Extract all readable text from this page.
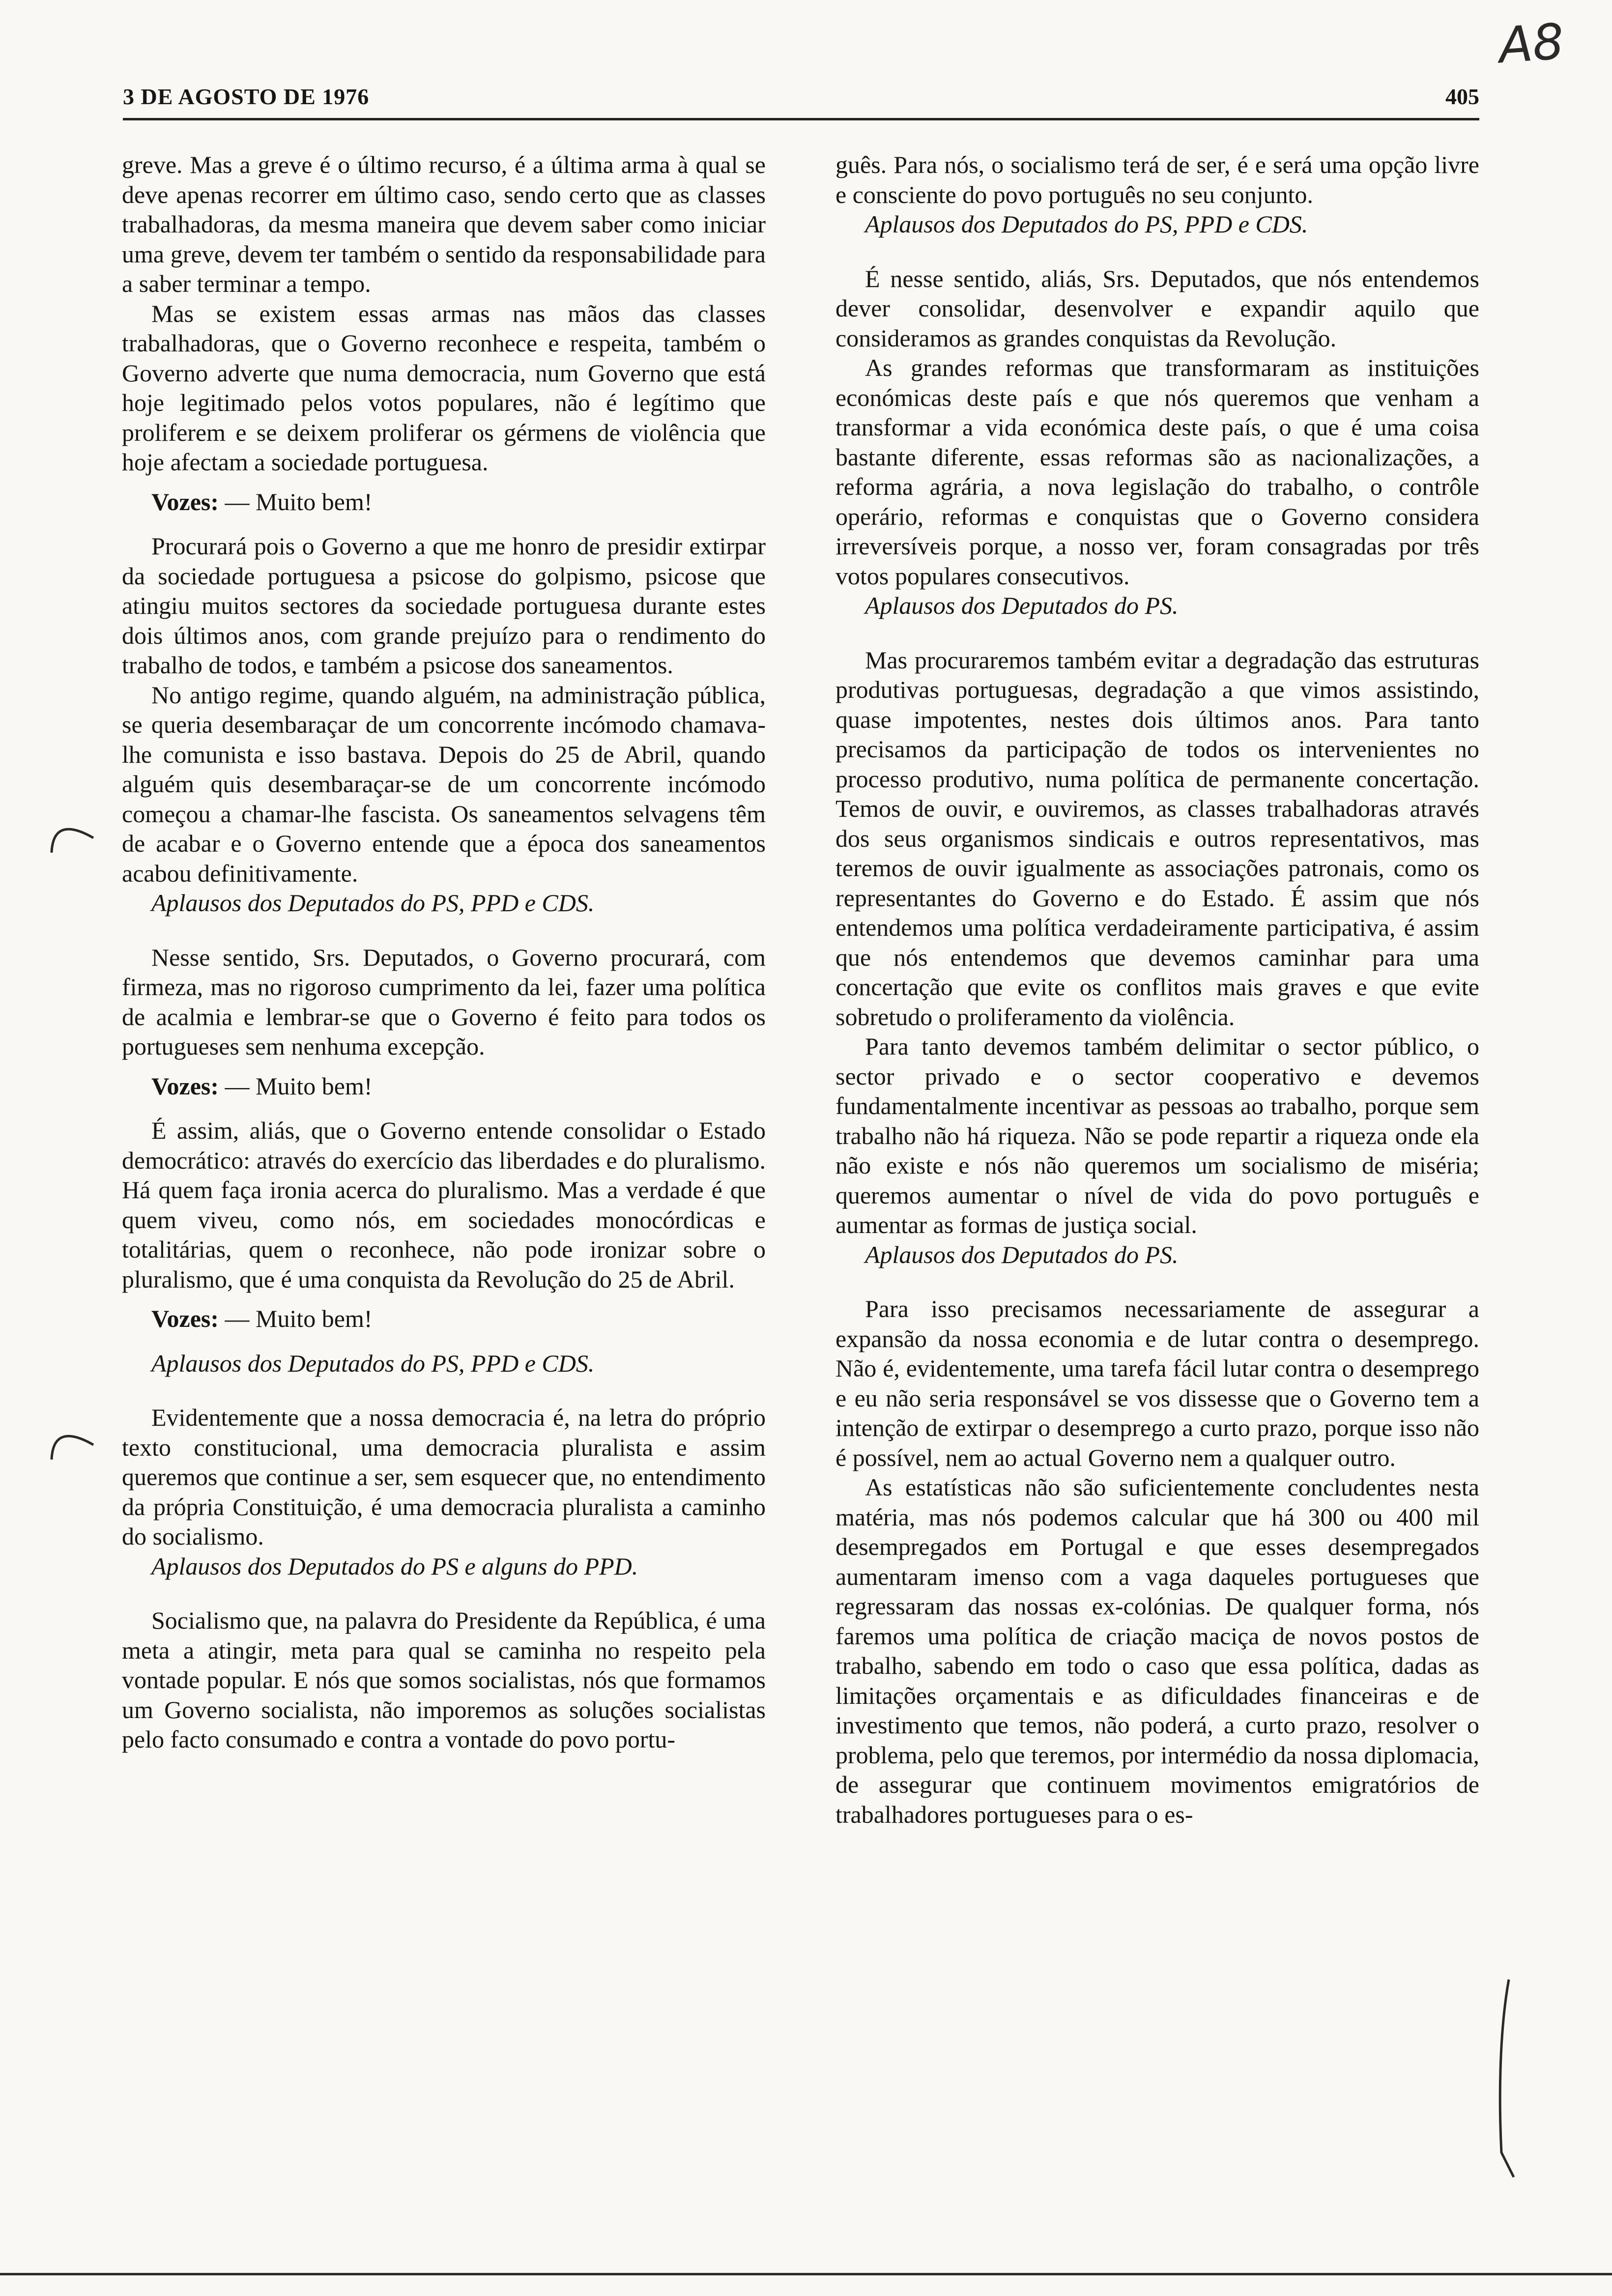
3 DE AGOSTO DE 1976	405
A8

greve. Mas a greve é o último recurso, é a última arma à qual se deve apenas recorrer em último caso, sendo certo que as classes trabalhadoras, da mesma maneira que devem saber como iniciar uma greve, devem ter também o sentido da responsabilidade para a saber terminar a tempo.

Mas se existem essas armas nas mãos das classes trabalhadoras, que o Governo reconhece e respeita, também o Governo adverte que numa democracia, num Governo que está hoje legitimado pelos votos populares, não é legítimo que proliferem e se deixem proliferar os gérmens de violência que hoje afectam a sociedade portuguesa.

Vozes: — Muito bem!

Procurará pois o Governo a que me honro de presidir extirpar da sociedade portuguesa a psicose do golpismo, psicose que atingiu muitos sectores da sociedade portuguesa durante estes dois últimos anos, com grande prejuízo para o rendimento do trabalho de todos, e também a psicose dos saneamentos.

No antigo regime, quando alguém, na administração pública, se queria desembaraçar de um concorrente incómodo chamava-lhe comunista e isso bastava. Depois do 25 de Abril, quando alguém quis desembaraçar-se de um concorrente incómodo começou a chamar-lhe fascista. Os saneamentos selvagens têm de acabar e o Governo entende que a época dos saneamentos acabou definitivamente.

Aplausos dos Deputados do PS, PPD e CDS.

Nesse sentido, Srs. Deputados, o Governo procurará, com firmeza, mas no rigoroso cumprimento da lei, fazer uma política de acalmia e lembrar-se que o Governo é feito para todos os portugueses sem nenhuma excepção.

Vozes: — Muito bem!

É assim, aliás, que o Governo entende consolidar o Estado democrático: através do exercício das liberdades e do pluralismo. Há quem faça ironia acerca do pluralismo. Mas a verdade é que quem viveu, como nós, em sociedades monocórdicas e totalitárias, quem o reconhece, não pode ironizar sobre o pluralismo, que é uma conquista da Revolução do 25 de Abril.

Vozes: — Muito bem!

Aplausos dos Deputados do PS, PPD e CDS.

Evidentemente que a nossa democracia é, na letra do próprio texto constitucional, uma democracia pluralista e assim queremos que continue a ser, sem esquecer que, no entendimento da própria Constituição, é uma democracia pluralista a caminho do socialismo.

Aplausos dos Deputados do PS e alguns do PPD.

Socialismo que, na palavra do Presidente da República, é uma meta a atingir, meta para qual se caminha no respeito pela vontade popular. E nós que somos socialistas, nós que formamos um Governo socialista, não imporemos as soluções socialistas pelo facto consumado e contra a vontade do povo portu-

guês. Para nós, o socialismo terá de ser, é e será uma opção livre e consciente do povo português no seu conjunto.

Aplausos dos Deputados do PS, PPD e CDS.

É nesse sentido, aliás, Srs. Deputados, que nós entendemos dever consolidar, desenvolver e expandir aquilo que consideramos as grandes conquistas da Revolução.

As grandes reformas que transformaram as instituições económicas deste país e que nós queremos que venham a transformar a vida económica deste país, o que é uma coisa bastante diferente, essas reformas são as nacionalizações, a reforma agrária, a nova legislação do trabalho, o contrôle operário, reformas e conquistas que o Governo considera irreversíveis porque, a nosso ver, foram consagradas por três votos populares consecutivos.

Aplausos dos Deputados do PS.

Mas procuraremos também evitar a degradação das estruturas produtivas portuguesas, degradação a que vimos assistindo, quase impotentes, nestes dois últimos anos. Para tanto precisamos da participação de todos os intervenientes no processo produtivo, numa política de permanente concertação. Temos de ouvir, e ouviremos, as classes trabalhadoras através dos seus organismos sindicais e outros representativos, mas teremos de ouvir igualmente as associações patronais, como os representantes do Governo e do Estado. É assim que nós entendemos uma política verdadeiramente participativa, é assim que nós entendemos que devemos caminhar para uma concertação que evite os conflitos mais graves e que evite sobretudo o proliferamento da violência.

Para tanto devemos também delimitar o sector público, o sector privado e o sector cooperativo e devemos fundamentalmente incentivar as pessoas ao trabalho, porque sem trabalho não há riqueza. Não se pode repartir a riqueza onde ela não existe e nós não queremos um socialismo de miséria; queremos aumentar o nível de vida do povo português e aumentar as formas de justiça social.

Aplausos dos Deputados do PS.

Para isso precisamos necessariamente de assegurar a expansão da nossa economia e de lutar contra o desemprego. Não é, evidentemente, uma tarefa fácil lutar contra o desemprego e eu não seria responsável se vos dissesse que o Governo tem a intenção de extirpar o desemprego a curto prazo, porque isso não é possível, nem ao actual Governo nem a qualquer outro.

As estatísticas não são suficientemente concludentes nesta matéria, mas nós podemos calcular que há 300 ou 400 mil desempregados em Portugal e que esses desempregados aumentaram imenso com a vaga daqueles portugueses que regressaram das nossas ex-colónias. De qualquer forma, nós faremos uma política de criação maciça de novos postos de trabalho, sabendo em todo o caso que essa política, dadas as limitações orçamentais e as dificuldades financeiras e de investimento que temos, não poderá, a curto prazo, resolver o problema, pelo que teremos, por intermédio da nossa diplomacia, de assegurar que continuem movimentos emigratórios de trabalhadores portugueses para o es-
